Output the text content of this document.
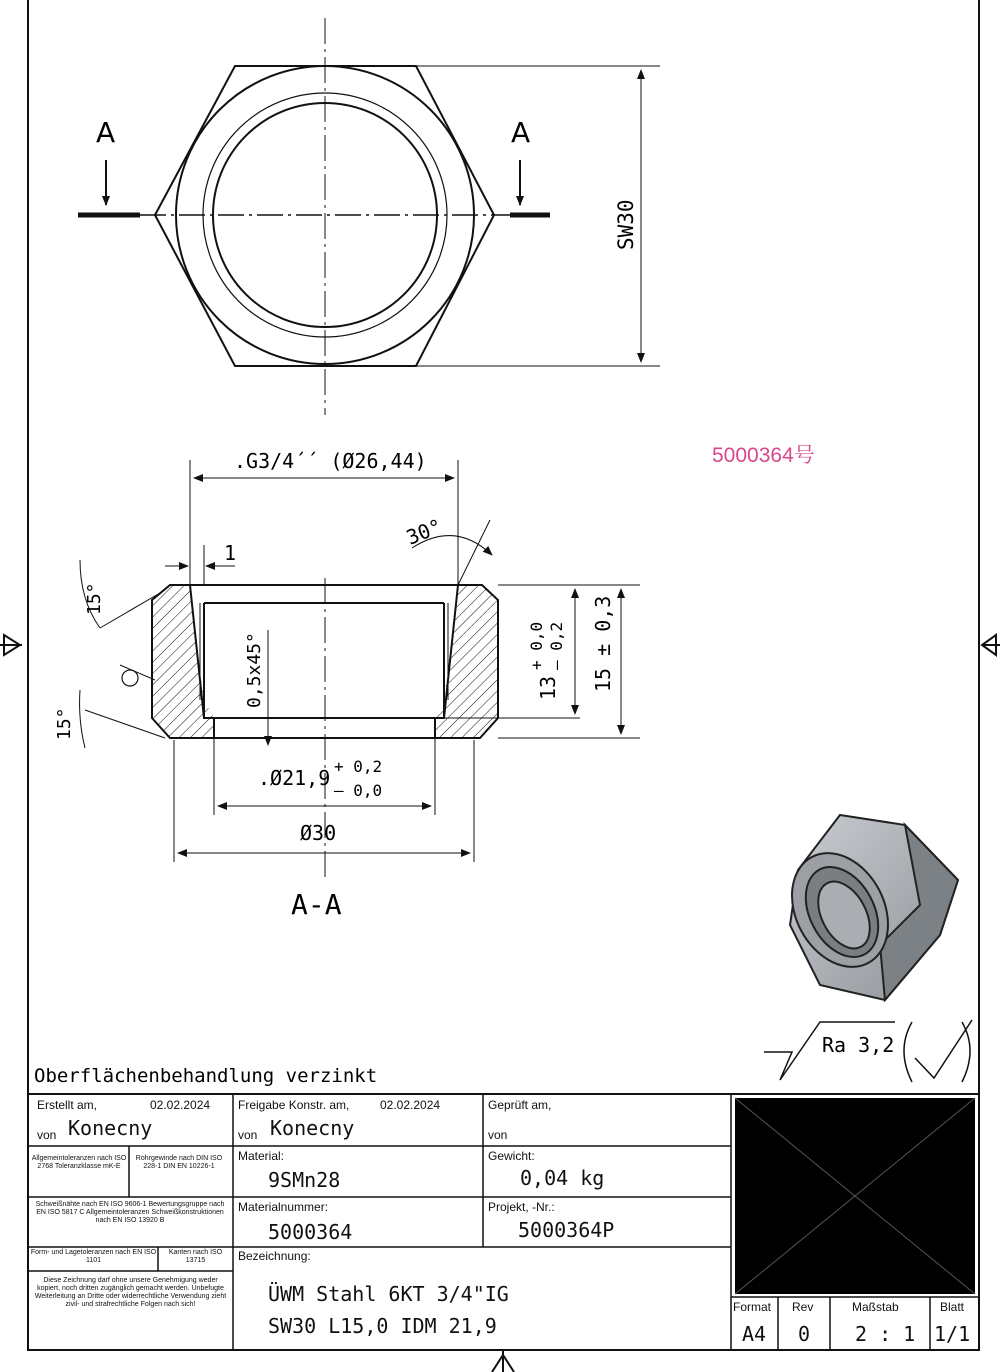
A	A
SW30
5000364号
.G3/4´´ (Ø26,44)
1
30°
15°
15°
0,5x45°	13
+ 0,0 – 0,2 15 ± 0,3
.Ø21,9 + 0,2
– 0,0
Ø30
A-A
Ra 3,2
Oberflächenbehandlung verzinkt
Erstellt am,	02.02.2024
von Konecny
Freigabe Konstr. am,	02.02.2024
von Konecny
Geprüft am,
von
Allgemeintoleranzen nach ISO 2768 Toleranzklasse mK-E
Rohrgewinde nach DIN ISO 228-1 DIN EN 10226-1
Material:
9SMn28
Gewicht:
0,04 kg
Schweißnähte nach EN ISO 9606-1 Bewertungsgruppe nach EN ISO 5817 C Allgemeintoleranzen Schweißkonstruktionen nach EN ISO 13920 B
Materialnummer:
5000364
Projekt, -Nr.:
5000364P
Form- und Lagetoleranzen nach EN ISO 1101
Kanten nach ISO 13715
Diese Zeichnung darf ohne unsere Genehmigung weder kopiert, noch dritten zugänglich gemacht werden. Unbefugte Weiterleitung an Dritte oder widerrechtliche Verwendung zieht zivil- und strafrechtliche Folgen nach sich!
Bezeichnung:
ÜWM Stahl 6KT 3/4"IG
SW30 L15,0 IDM 21,9
Format
A4
Rev
0
Maßstab
2 : 1
Blatt
1/1
